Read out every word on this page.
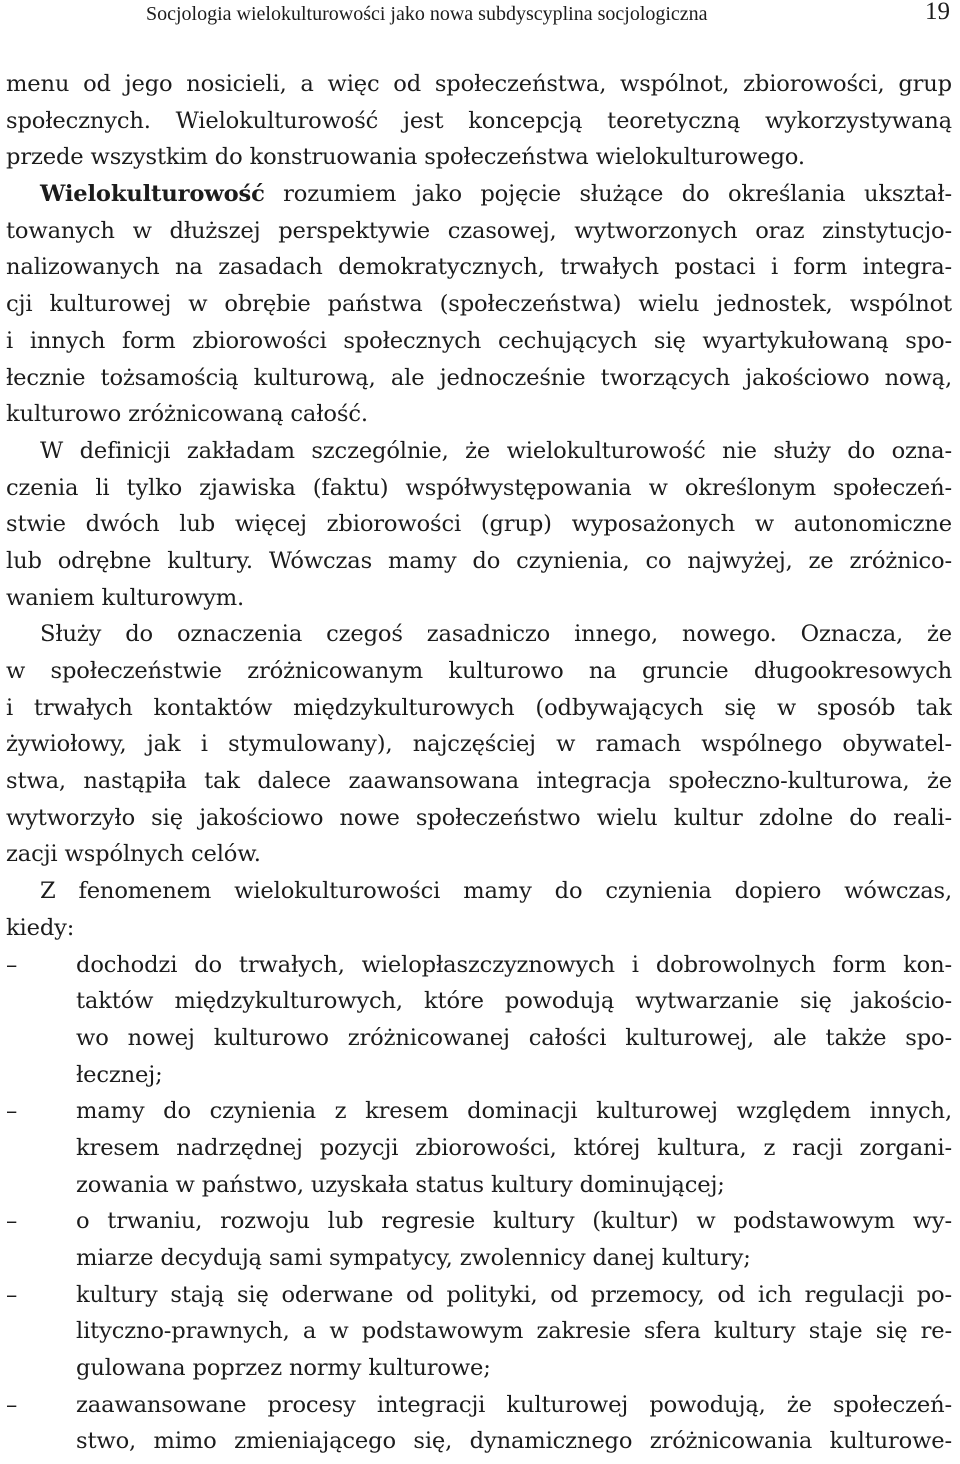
Socjologia wielokulturowości jako nowa subdyscyplina socjologiczna	19
menu od jego nosicieli, a więc od społeczeństwa, wspólnot, zbiorowości, grup
społecznych. Wielokulturowość jest koncepcją teoretyczną wykorzystywaną
przede wszystkim do konstruowania społeczeństwa wielokulturowego.
Wielokulturowość rozumiem jako pojęcie służące do określania ukształ-
towanych w dłuższej perspektywie czasowej, wytworzonych oraz zinstytucjo-
nalizowanych na zasadach demokratycznych, trwałych postaci i form integra-
cji kulturowej w obrębie państwa (społeczeństwa) wielu jednostek, wspólnot
i innych form zbiorowości społecznych cechujących się wyartykułowaną spo-
łecznie tożsamością kulturową, ale jednocześnie tworzących jakościowo nową,
kulturowo zróżnicowaną całość.
W definicji zakładam szczególnie, że wielokulturowość nie służy do ozna-
czenia li tylko zjawiska (faktu) współwystępowania w określonym społeczeń-
stwie dwóch lub więcej zbiorowości (grup) wyposażonych w autonomiczne
lub odrębne kultury. Wówczas mamy do czynienia, co najwyżej, ze zróżnico-
waniem kulturowym.
Służy do oznaczenia czegoś zasadniczo innego, nowego. Oznacza, że
w społeczeństwie zróżnicowanym kulturowo na gruncie długookresowych
i trwałych kontaktów międzykulturowych (odbywających się w sposób tak
żywiołowy, jak i stymulowany), najczęściej w ramach wspólnego obywatel-
stwa, nastąpiła tak dalece zaawansowana integracja społeczno-kulturowa, że
wytworzyło się jakościowo nowe społeczeństwo wielu kultur zdolne do reali-
zacji wspólnych celów.
Z fenomenem wielokulturowości mamy do czynienia dopiero wówczas,
kiedy:
–	dochodzi do trwałych, wielopłaszczyznowych i dobrowolnych form kon-
taktów międzykulturowych, które powodują wytwarzanie się jakościo-
wo nowej kulturowo zróżnicowanej całości kulturowej, ale także spo-
łecznej;
–	mamy do czynienia z kresem dominacji kulturowej względem innych,
kresem nadrzędnej pozycji zbiorowości, której kultura, z racji zorgani-
zowania w państwo, uzyskała status kultury dominującej;
–	o trwaniu, rozwoju lub regresie kultury (kultur) w podstawowym wy-
miarze decydują sami sympatycy, zwolennicy danej kultury;
–	kultury stają się oderwane od polityki, od przemocy, od ich regulacji po-
lityczno-prawnych, a w podstawowym zakresie sfera kultury staje się re-
gulowana poprzez normy kulturowe;
–	zaawansowane procesy integracji kulturowej powodują, że społeczeń-
stwo, mimo zmieniającego się, dynamicznego zróżnicowania kulturowe-
